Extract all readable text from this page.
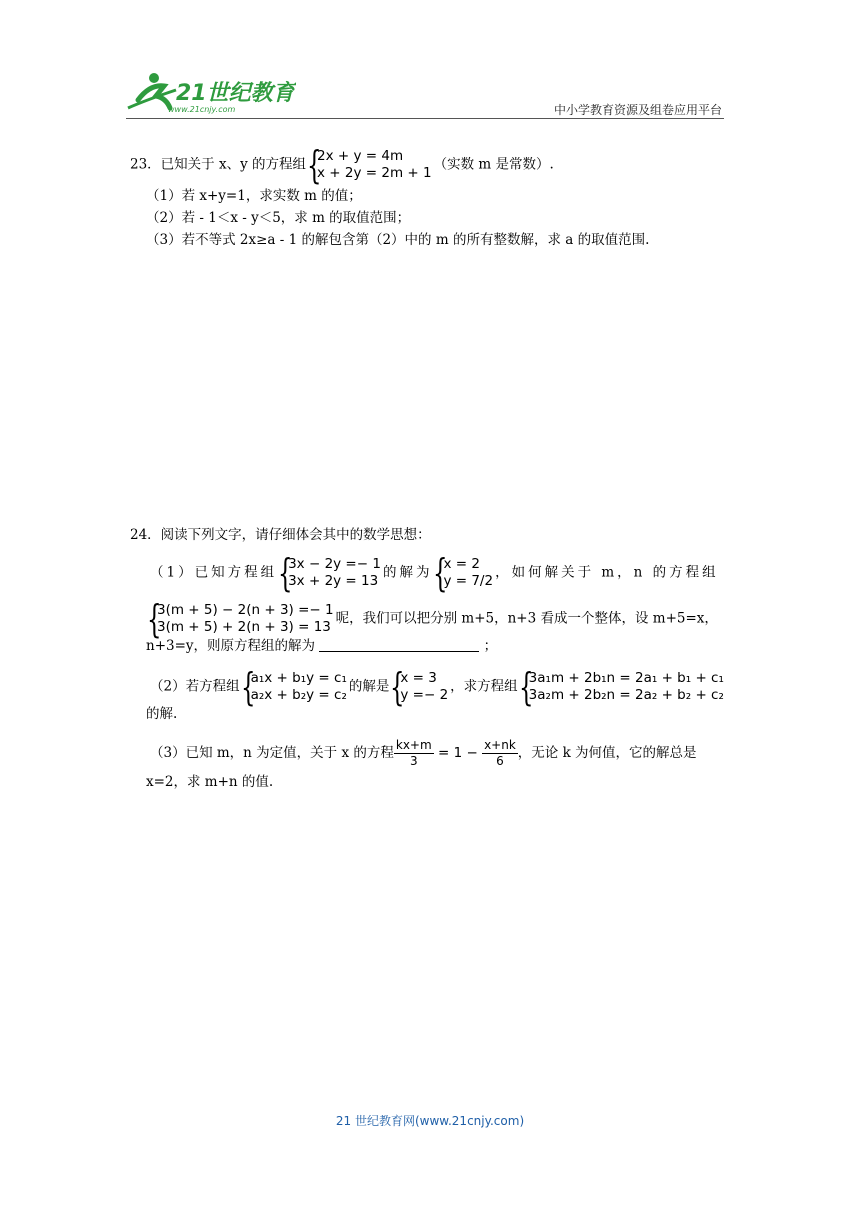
21世纪教育
www.21cnjy.com	中小学教育资源及组卷应用平台
23．已知关于 x、y 的方程组 {
2x + y = 4m
x + 2y = 2m + 1
（实数 m 是常数）.
（1）若 x+y=1，求实数 m 的值；
（2）若 - 1＜x - y＜5，求 m 的取值范围；
（3）若不等式 2x≥a - 1 的解包含第（2）中的 m 的所有整数解，求 a 的取值范围.
24．阅读下列文字，请仔细体会其中的数学思想：
（1）已知方程组 {
3x − 2y =− 1
3x + 2y = 13
的解为 {
x = 2
y = 7/2
，如何解关于 m，n 的方程组
{
3(m + 5) − 2(n + 3) =− 1
3(m + 5) + 2(n + 3) = 13
呢，我们可以把分别 m+5，n+3 看成一个整体，设 m+5=x，
n+3=y，则原方程组的解为	；
（2）若方程组 {
a₁x + b₁y = c₁
a₂x + b₂y = c₂
的解是 {
x = 3
y =− 2
，求方程组 {
3a₁m + 2b₁n = 2a₁ + b₁ + c₁
3a₂m + 2b₂n = 2a₂ + b₂ + c₂
的解.
（3）已知 m，n 为定值，关于 x 的方程 $\frac{kx+m}{3} = 1 - \frac{x+nk}{6}$ ，无论 k 为何值，它的解总是
x=2，求 m+n 的值.
21 世纪教育网(www.21cnjy.com)
